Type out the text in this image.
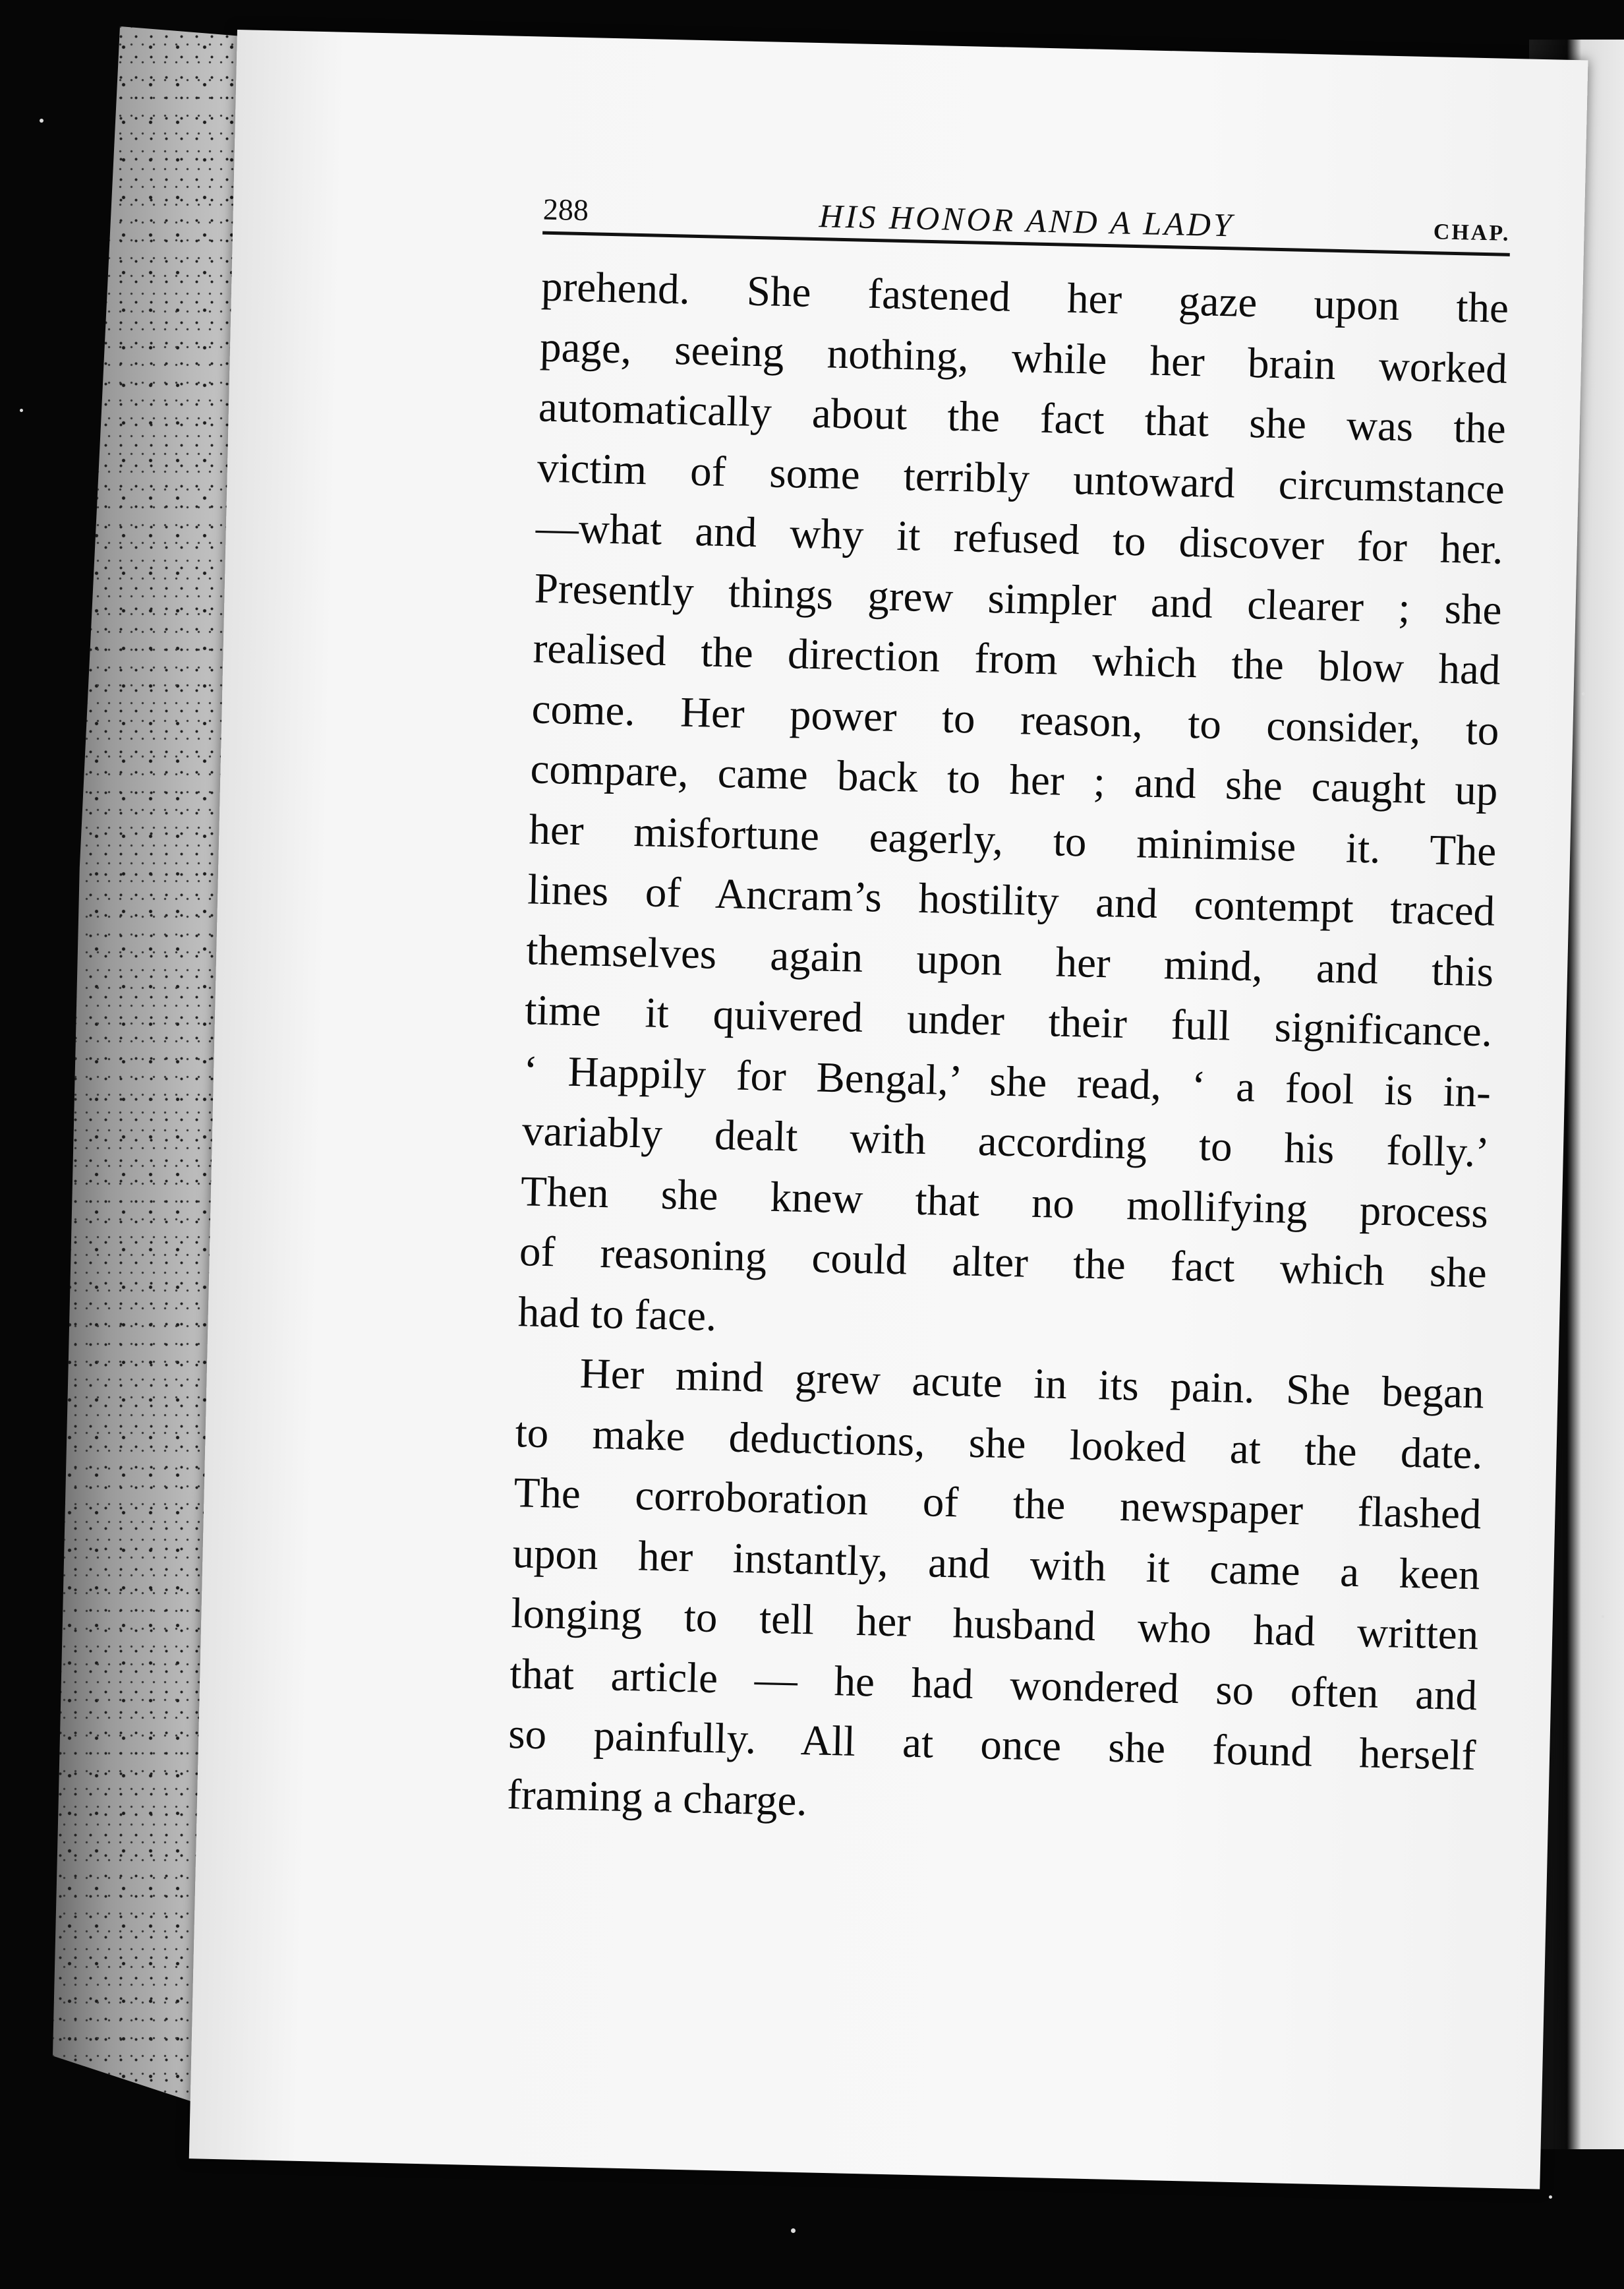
288	HIS HONOR AND A LADY	CHAP.
prehend. She fastened her gaze upon the
page, seeing nothing, while her brain worked
automatically about the fact that she was the
victim of some terribly untoward circumstance
—what and why it refused to discover for her.
Presently things grew simpler and clearer ; she
realised the direction from which the blow had
come. Her power to reason, to consider, to
compare, came back to her ; and she caught up
her misfortune eagerly, to minimise it. The
lines of Ancram’s hostility and contempt traced
themselves again upon her mind, and this
time it quivered under their full significance.
‘ Happily for Bengal,’ she read, ‘ a fool is in-
variably dealt with according to his folly.’
Then she knew that no mollifying process
of reasoning could alter the fact which she
had to face.
Her mind grew acute in its pain. She began
to make deductions, she looked at the date.
The corroboration of the newspaper flashed
upon her instantly, and with it came a keen
longing to tell her husband who had written
that article — he had wondered so often and
so painfully. All at once she found herself
framing a charge.
